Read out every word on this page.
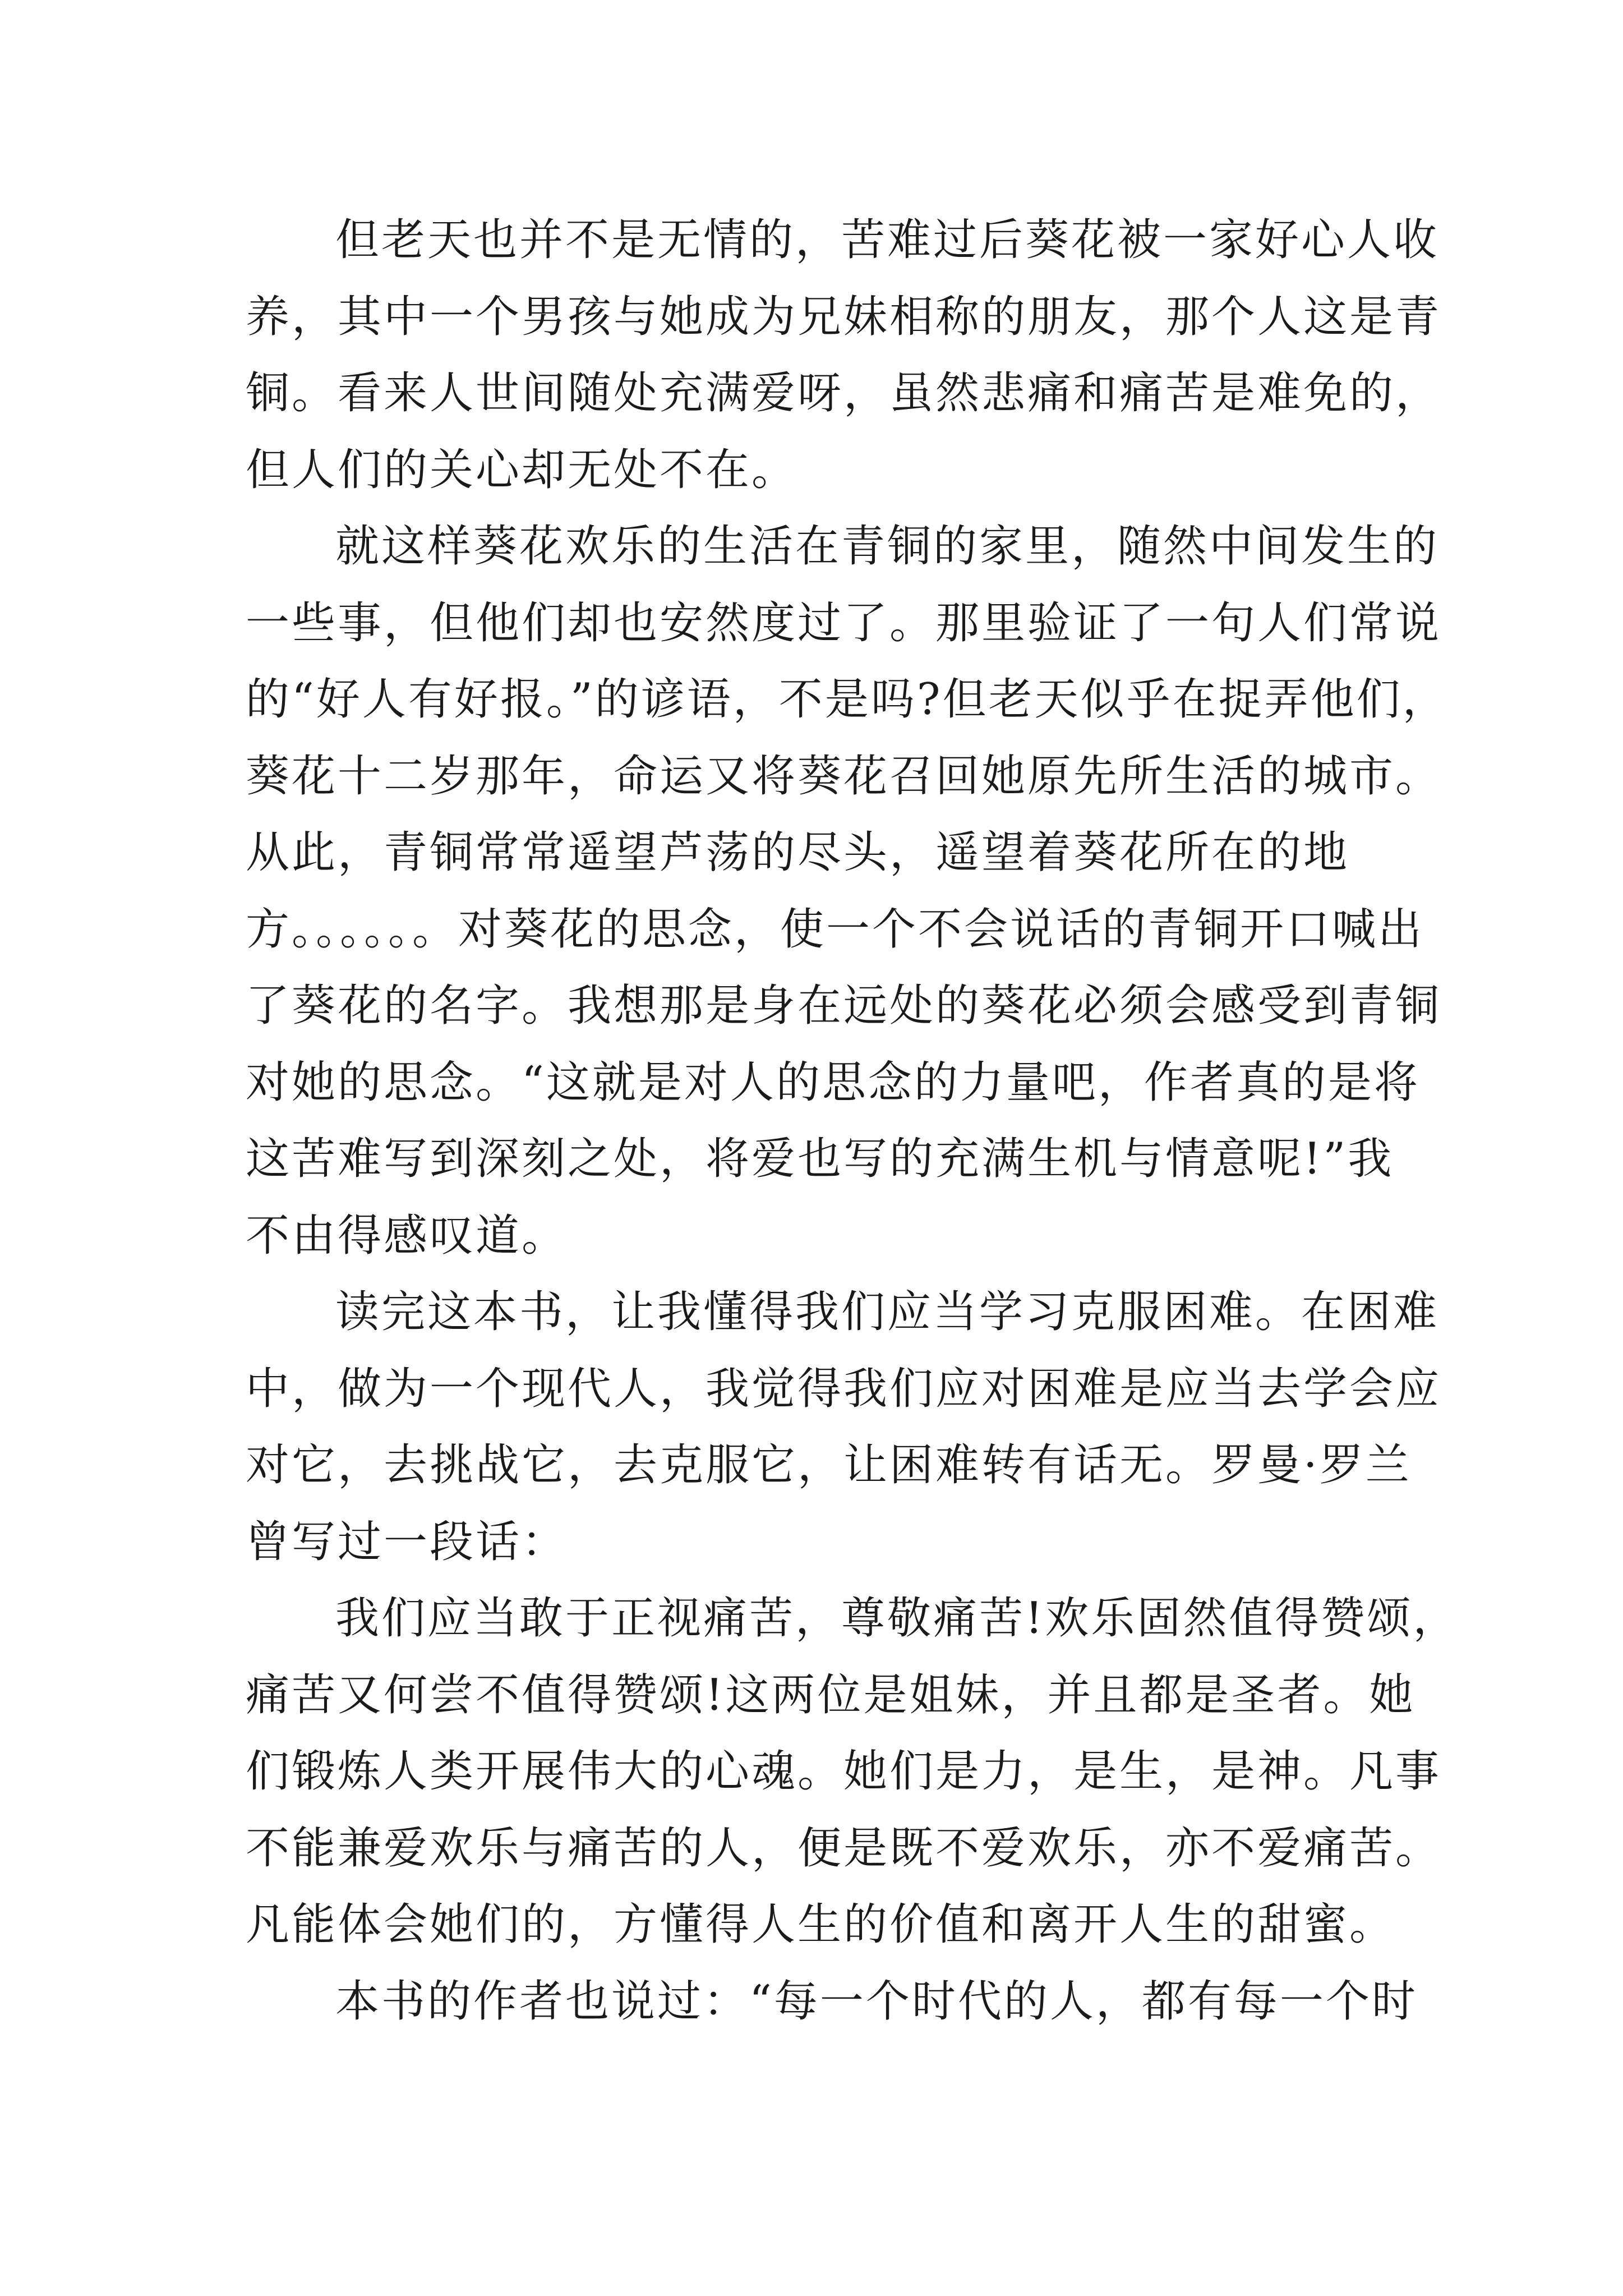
但老天也并不是无情的，苦难过后葵花被一家好心人收
养，其中一个男孩与她成为兄妹相称的朋友，那个人这是青
铜。看来人世间随处充满爱呀，虽然悲痛和痛苦是难免的，
但人们的关心却无处不在。
就这样葵花欢乐的生活在青铜的家里，随然中间发生的
一些事，但他们却也安然度过了。那里验证了一句人们常说
的“好人有好报。”的谚语，不是吗?但老天似乎在捉弄他们，
葵花十二岁那年，命运又将葵花召回她原先所生活的城市。
从此，青铜常常遥望芦荡的尽头，遥望着葵花所在的地
方。。。。。。对葵花的思念，使一个不会说话的青铜开口喊出
了葵花的名字。我想那是身在远处的葵花必须会感受到青铜
对她的思念。“这就是对人的思念的力量吧，作者真的是将
这苦难写到深刻之处，将爱也写的充满生机与情意呢!”我
不由得感叹道。
读完这本书，让我懂得我们应当学习克服困难。在困难
中，做为一个现代人，我觉得我们应对困难是应当去学会应
对它，去挑战它，去克服它，让困难转有话无。罗曼·罗兰
曾写过一段话：
我们应当敢于正视痛苦，尊敬痛苦!欢乐固然值得赞颂，
痛苦又何尝不值得赞颂!这两位是姐妹，并且都是圣者。她
们锻炼人类开展伟大的心魂。她们是力，是生，是神。凡事
不能兼爱欢乐与痛苦的人，便是既不爱欢乐，亦不爱痛苦。
凡能体会她们的，方懂得人生的价值和离开人生的甜蜜。
本书的作者也说过：“每一个时代的人，都有每一个时
